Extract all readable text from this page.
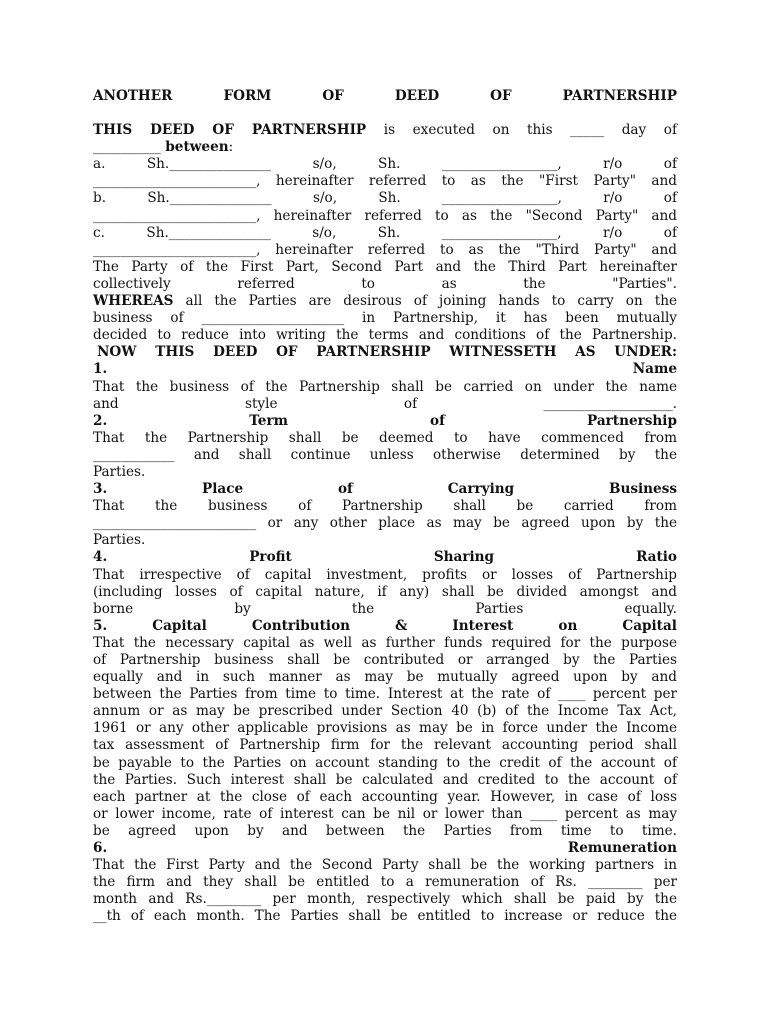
ANOTHER	FORM	OF	DEED	OF	PARTNERSHIP
THIS DEED OF PARTNERSHIP is executed on this _____ day of
__________ between:
a. Sh._______________ s/o, Sh. _________________, r/o of
________________________, hereinafter referred to as the "First Party" and
b. Sh._______________ s/o, Sh. _________________, r/o of
________________________, hereinafter referred to as the "Second Party" and
c. Sh._______________ s/o, Sh. _________________, r/o of
________________________, hereinafter referred to as the "Third Party" and
The Party of the First Part, Second Part and the Third Part hereinafter
collectively referred to as the "Parties".
WHEREAS all the Parties are desirous of joining hands to carry on the
business of _____________________ in Partnership, it has been mutually
decided to reduce into writing the terms and conditions of the Partnership.
NOW THIS DEED OF PARTNERSHIP WITNESSETH AS UNDER:
1.	Name
That the business of the Partnership shall be carried on under the name
and style of ___________________.
2.	Term	of	Partnership
That the Partnership shall be deemed to have commenced from
____________ and shall continue unless otherwise determined by the
Parties.
3.	Place	of	Carrying	Business
That the business of Partnership shall be carried from
________________________ or any other place as may be agreed upon by the
Parties.
4.	Profit	Sharing	Ratio
That irrespective of capital investment, profits or losses of Partnership
(including losses of capital nature, if any) shall be divided amongst and
borne by the Parties equally.
5.	Capital	Contribution	&	Interest	on	Capital
That the necessary capital as well as further funds required for the purpose
of Partnership business shall be contributed or arranged by the Parties
equally and in such manner as may be mutually agreed upon by and
between the Parties from time to time. Interest at the rate of ____ percent per
annum or as may be prescribed under Section 40 (b) of the Income Tax Act,
1961 or any other applicable provisions as may be in force under the Income
tax assessment of Partnership firm for the relevant accounting period shall
be payable to the Parties on account standing to the credit of the account of
the Parties. Such interest shall be calculated and credited to the account of
each partner at the close of each accounting year. However, in case of loss
or lower income, rate of interest can be nil or lower than ____ percent as may
be agreed upon by and between the Parties from time to time.
6.	Remuneration
That the First Party and the Second Party shall be the working partners in
the firm and they shall be entitled to a remuneration of Rs. ________ per
month and Rs.________ per month, respectively which shall be paid by the
__th of each month. The Parties shall be entitled to increase or reduce the
